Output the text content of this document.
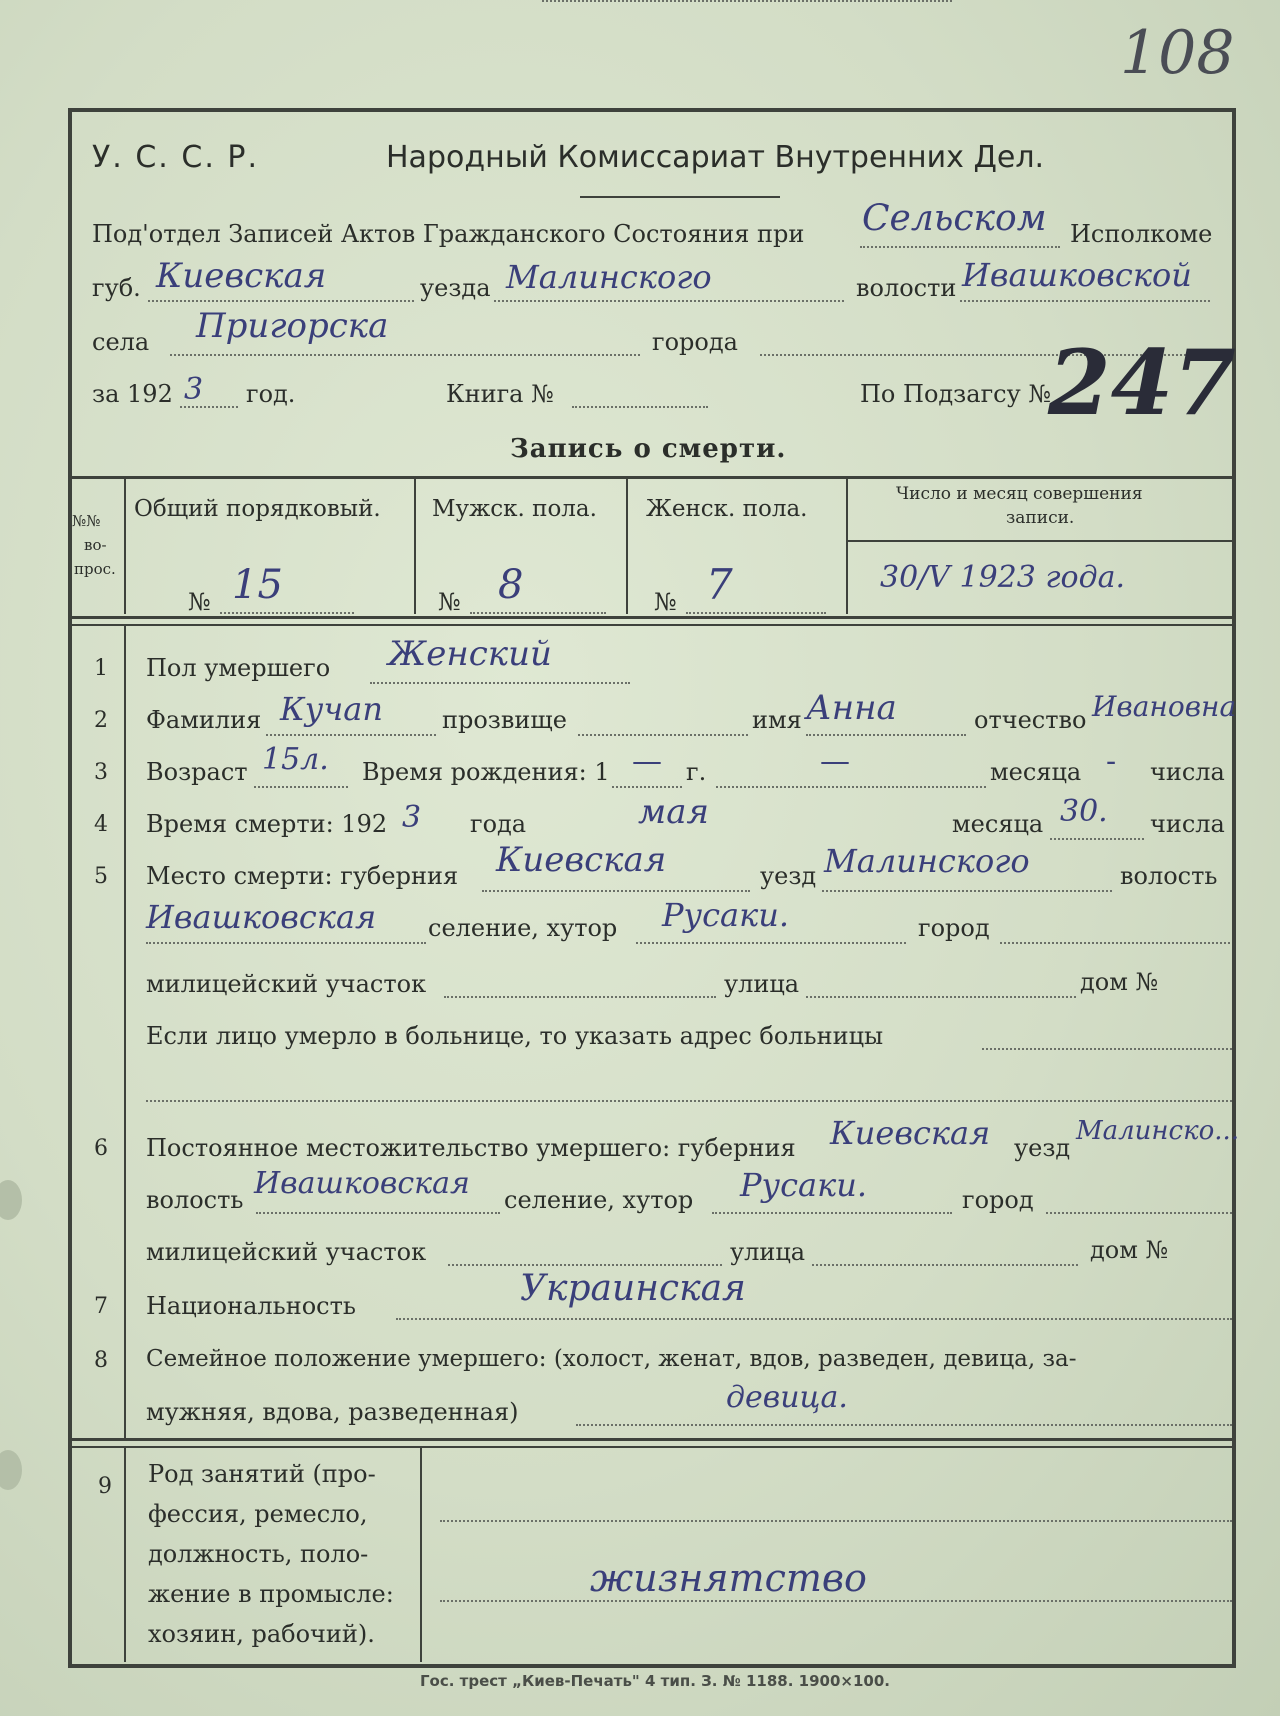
108
У. С. С. Р.	Народный Комиссариат Внутренних Дел.
Под'отдел Записей Актов Гражданского Состояния при Сельском Исполкоме
губ. Киевская	уезда Малинского	волости Ивашковской
села Пригорска	города
за 192 3 год.	Книга №	По Подзагсу №
247
Запись о смерти.
№№
во-
прос.
Общий порядковый. Мужск. пола. Женск. пола.
Число и месяц совершения
записи.
№ 15	№ 8	№ 7	30/V 1923 года.
1	Пол умершего Женский
2	Фамилия Кучап прозвище	имя Анна	отчество Ивановна
3	Возраст 15л. Время рождения: 1 — г.	—	месяца - числа
4	Время смерти: 192 3 года	мая	месяца 30. числа
5	Место смерти: губерния Киевская	уезд Малинского	волость
Ивашковская селение, хутор Русаки.	город
милицейский участок	улица	дом №
Если лицо умерло в больнице, то указать адрес больницы
6	Постоянное местожительство умершего: губерния Киевская уезд
Малинско...
волость Ивашковская селение, хутор Русаки.	город
милицейский участок	улица	дом №
7	Национальность	Украинская
8	Семейное положение умершего: (холост, женат, вдов, разведен, девица, за-
мужняя, вдова, разведенная)	девица.
9	Род занятий (про-
фессия, ремесло,
должность, поло-
жение в промысле:
хозяин, рабочий).
жизнятство
Гос. трест „Киев-Печать" 4 тип. З. № 1188. 1900×100.
